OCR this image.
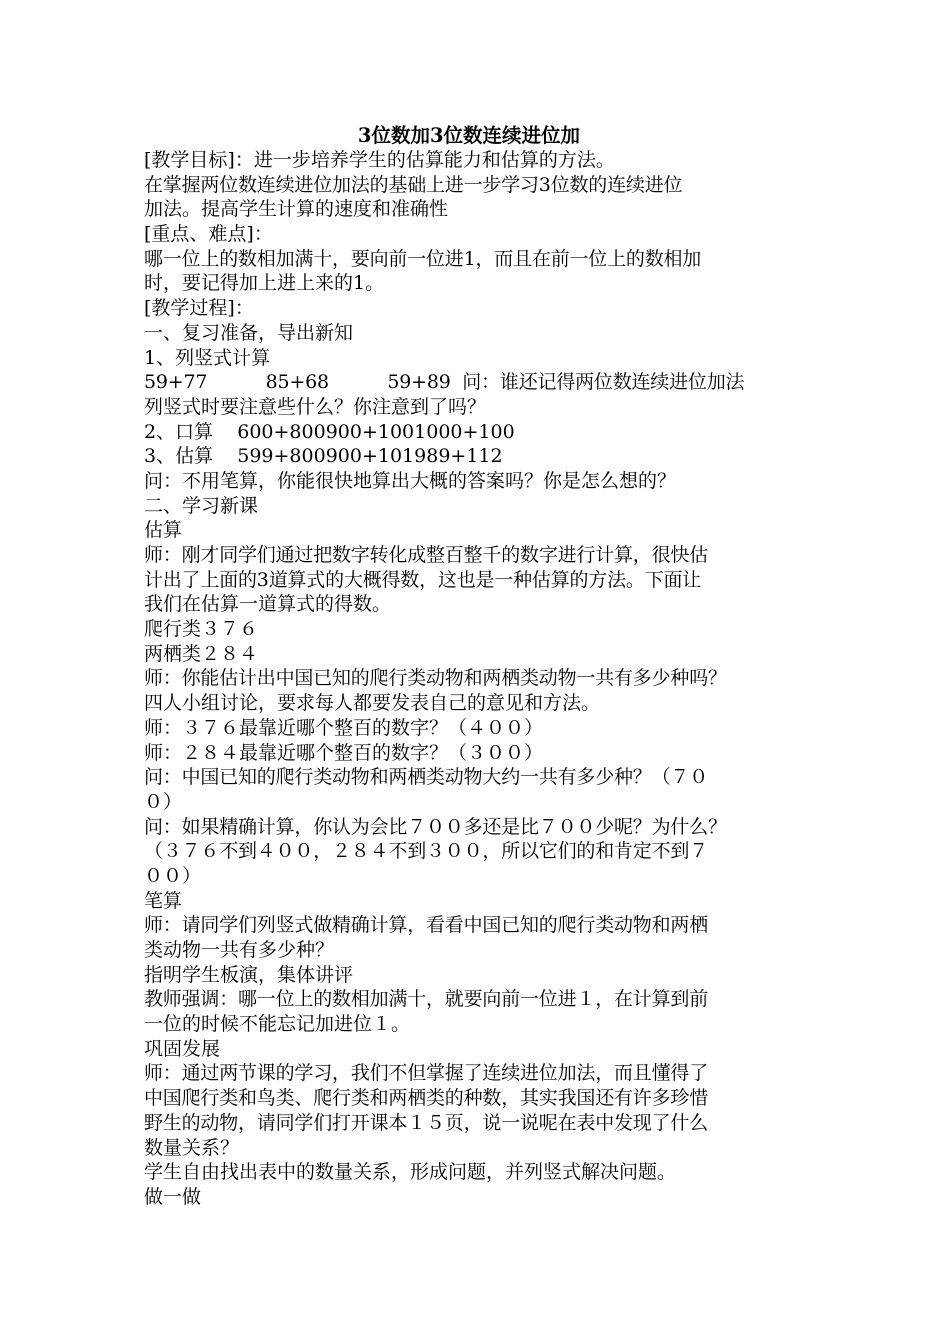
3位数加3位数连续进位加
[教学目标]：进一步培养学生的估算能力和估算的方法。
在掌握两位数连续进位加法的基础上进一步学习3位数的连续进位
加法。提高学生计算的速度和准确性
[重点、难点]：
哪一位上的数相加满十，要向前一位进1，而且在前一位上的数相加
时，要记得加上进上来的1。
[教学过程]：
一、复习准备，导出新知
1、列竖式计算
59+77          85+68          59+89  问：谁还记得两位数连续进位加法
列竖式时要注意些什么？你注意到了吗？
2、口算    600+800900+1001000+100
3、估算    599+800900+101989+112
问：不用笔算，你能很快地算出大概的答案吗？你是怎么想的？
二、学习新课
估算
师：刚才同学们通过把数字转化成整百整千的数字进行计算，很快估
计出了上面的3道算式的大概得数，这也是一种估算的方法。下面让
我们在估算一道算式的得数。
爬行类３７６
两栖类２８４
师：你能估计出中国已知的爬行类动物和两栖类动物一共有多少种吗？
四人小组讨论，要求每人都要发表自己的意见和方法。
师：３７６最靠近哪个整百的数字？（４００）
师：２８４最靠近哪个整百的数字？（３００）
问：中国已知的爬行类动物和两栖类动物大约一共有多少种？（７０
０）
问：如果精确计算，你认为会比７００多还是比７００少呢？为什么？
（３７６不到４００，２８４不到３００，所以它们的和肯定不到７
００）
笔算
师：请同学们列竖式做精确计算，看看中国已知的爬行类动物和两栖
类动物一共有多少种？
指明学生板演，集体讲评
教师强调：哪一位上的数相加满十，就要向前一位进１，在计算到前
一位的时候不能忘记加进位１。
巩固发展
师：通过两节课的学习，我们不但掌握了连续进位加法，而且懂得了
中国爬行类和鸟类、爬行类和两栖类的种数，其实我国还有许多珍惜
野生的动物，请同学们打开课本１５页，说一说呢在表中发现了什么
数量关系？
学生自由找出表中的数量关系，形成问题，并列竖式解决问题。
做一做
